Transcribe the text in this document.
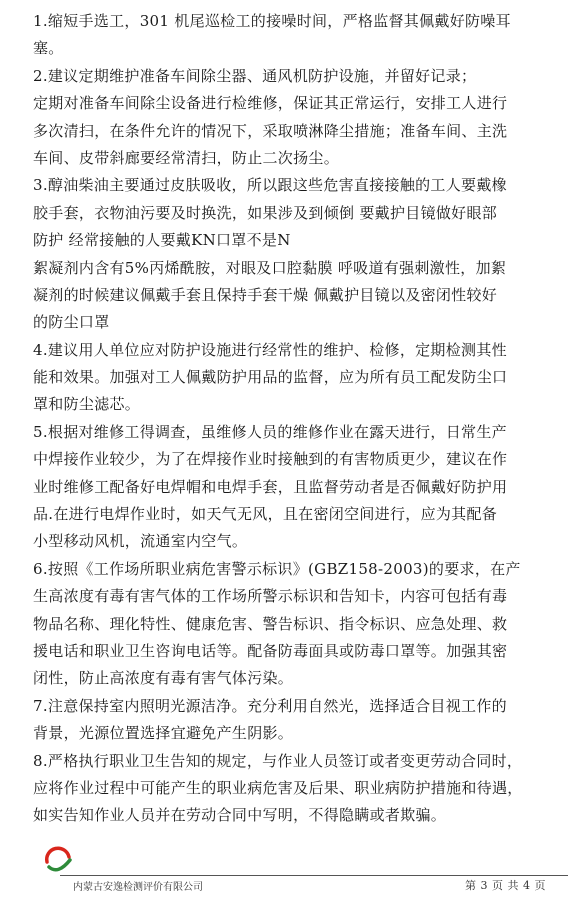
1.缩短手选工，301 机尾巡检工的接噪时间，严格监督其佩戴好防噪耳
塞。
2.建议定期维护准备车间除尘器、通风机防护设施，并留好记录；
定期对准备车间除尘设备进行检维修，保证其正常运行，安排工人进行
多次清扫，在条件允许的情况下，采取喷淋降尘措施；准备车间、主洗
车间、皮带斜廊要经常清扫，防止二次扬尘。
3.醇油柴油主要通过皮肤吸收，所以跟这些危害直接接触的工人要戴橡
胶手套，衣物油污要及时换洗，如果涉及到倾倒 要戴护目镜做好眼部
防护 经常接触的人要戴KN口罩不是N
絮凝剂内含有5%丙烯酰胺，对眼及口腔黏膜 呼吸道有强刺激性，加絮
凝剂的时候建议佩戴手套且保持手套干燥 佩戴护目镜以及密闭性较好
的防尘口罩
4.建议用人单位应对防护设施进行经常性的维护、检修，定期检测其性
能和效果。加强对工人佩戴防护用品的监督，应为所有员工配发防尘口
罩和防尘滤芯。
5.根据对维修工得调查，虽维修人员的维修作业在露天进行，日常生产
中焊接作业较少，为了在焊接作业时接触到的有害物质更少，建议在作
业时维修工配备好电焊帽和电焊手套，且监督劳动者是否佩戴好防护用
品.在进行电焊作业时，如天气无风，且在密闭空间进行，应为其配备
小型移动风机，流通室内空气。
6.按照《工作场所职业病危害警示标识》(GBZ158-2003)的要求，在产
生高浓度有毒有害气体的工作场所警示标识和告知卡，内容可包括有毒
物品名称、理化特性、健康危害、警告标识、指令标识、应急处理、救
援电话和职业卫生咨询电话等。配备防毒面具或防毒口罩等。加强其密
闭性，防止高浓度有毒有害气体污染。
7.注意保持室内照明光源洁净。充分利用自然光，选择适合目视工作的
背景，光源位置选择宜避免产生阴影。
8.严格执行职业卫生告知的规定，与作业人员签订或者变更劳动合同时，
应将作业过程中可能产生的职业病危害及后果、职业病防护措施和待遇，
如实告知作业人员并在劳动合同中写明，不得隐瞒或者欺骗。
内蒙古安逸检测评价有限公司	第 3 页 共 4 页
